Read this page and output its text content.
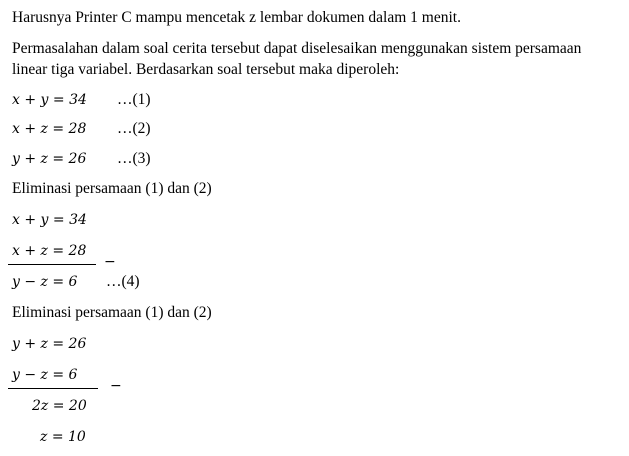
Harusnya Printer C mampu mencetak z lembar dokumen dalam 1 menit.
Permasalahan dalam soal cerita tersebut dapat diselesaikan menggunakan sistem persamaan
linear tiga variabel. Berdasarkan soal tersebut maka diperoleh:
x + y = 34 …(1)
x + z = 28 …(2)
y + z = 26 …(3)
Eliminasi persamaan (1) dan (2)
x + y = 34
x + z = 28
−
y − z = 6 …(4)
Eliminasi persamaan (1) dan (2)
y + z = 26
y − z = 6
−
2z = 20
z = 10
